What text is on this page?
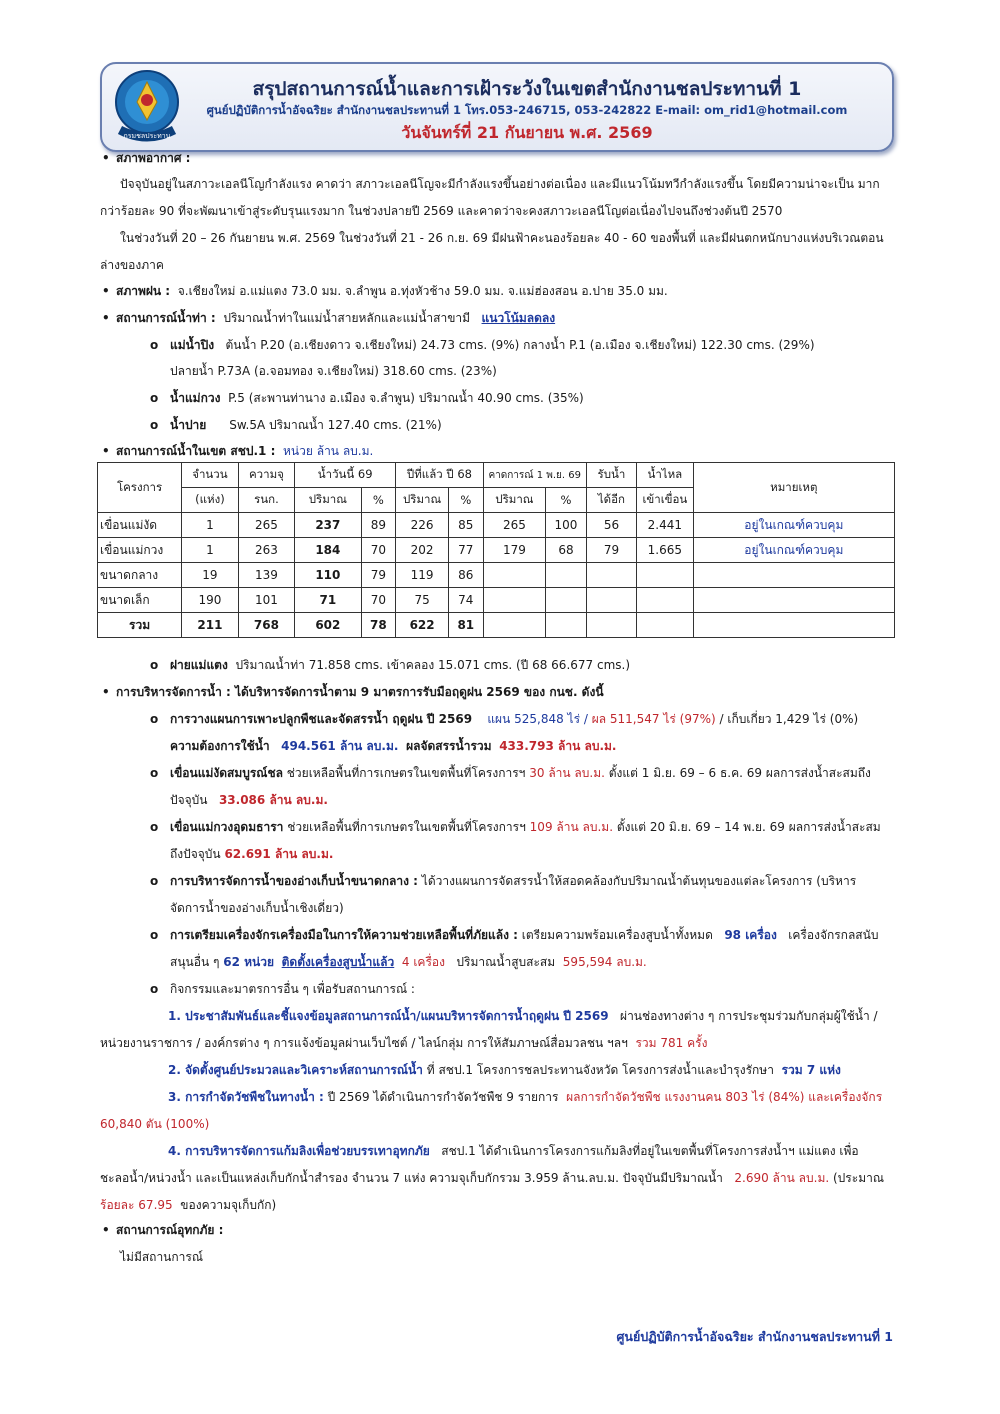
กรมชลประทาน
สรุปสถานการณ์น้ำและการเฝ้าระวังในเขตสำนักงานชลประทานที่ 1
ศูนย์ปฏิบัติการน้ำอัจฉริยะ สำนักงานชลประทานที่ 1 โทร.053-246715, 053-242822 E-mail: om_rid1@hotmail.com
วันจันทร์ที่ 21 กันยายน พ.ศ. 2569
• สภาพอากาศ :
ปัจจุบันอยู่ในสภาวะเอลนีโญกำลังแรง คาดว่า สภาวะเอลนีโญจะมีกำลังแรงขึ้นอย่างต่อเนื่อง และมีแนวโน้มทวีกำลังแรงขึ้น โดยมีความน่าจะเป็น มาก
กว่าร้อยละ 90 ที่จะพัฒนาเข้าสู่ระดับรุนแรงมาก ในช่วงปลายปี 2569 และคาดว่าจะคงสภาวะเอลนีโญต่อเนื่องไปจนถึงช่วงต้นปี 2570
ในช่วงวันที่ 20 – 26 กันยายน พ.ศ. 2569 ในช่วงวันที่ 21 - 26 ก.ย. 69 มีฝนฟ้าคะนองร้อยละ 40 - 60 ของพื้นที่ และมีฝนตกหนักบางแห่งบริเวณตอน
ล่างของภาค
• สภาพฝน : จ.เชียงใหม่ อ.แม่แตง 73.0 มม. จ.ลำพูน อ.ทุ่งหัวช้าง 59.0 มม. จ.แม่ฮ่องสอน อ.ปาย 35.0 มม.
• สถานการณ์น้ำท่า : ปริมาณน้ำท่าในแม่น้ำสายหลักและแม่น้ำสาขามี แนวโน้มลดลง
o แม่น้ำปิง ต้นน้ำ P.20 (อ.เชียงดาว จ.เชียงใหม่) 24.73 cms. (9%) กลางน้ำ P.1 (อ.เมือง จ.เชียงใหม่) 122.30 cms. (29%)
ปลายน้ำ P.73A (อ.จอมทอง จ.เชียงใหม่) 318.60 cms. (23%)
o น้ำแม่กวง P.5 (สะพานท่านาง อ.เมือง จ.ลำพูน) ปริมาณน้ำ 40.90 cms. (35%)
o น้ำปาย Sw.5A ปริมาณน้ำ 127.40 cms. (21%)
• สถานการณ์น้ำในเขต สชป.1 : หน่วย ล้าน ลบ.ม.
โครงการ	จำนวน	ความจุ	น้ำวันนี้ 69		ปีที่แล้ว ปี 68		คาดการณ์ 1 พ.ย. 69		รับน้ำ	น้ำไหล	หมายเหตุ
	(แห่ง)	รนก.	ปริมาณ	%	ปริมาณ	%	ปริมาณ	%	ได้อีก	เข้าเขื่อน	
เขื่อนแม่งัด	1	265	237	89	226	85	265	100	56	2.441	อยู่ในเกณฑ์ควบคุม
เขื่อนแม่กวง	1	263	184	70	202	77	179	68	79	1.665	อยู่ในเกณฑ์ควบคุม
ขนาดกลาง	19	139	110	79	119	86					
ขนาดเล็ก	190	101	71	70	75	74					
รวม	211	768	602	78	622	81					
o ฝายแม่แตง ปริมาณน้ำท่า 71.858 cms. เข้าคลอง 15.071 cms. (ปี 68 66.677 cms.)
• การบริหารจัดการน้ำ : ได้บริหารจัดการน้ำตาม 9 มาตรการรับมือฤดูฝน 2569 ของ กนช. ดังนี้
o การวางแผนการเพาะปลูกพืชและจัดสรรน้ำ ฤดูฝน ปี 2569 แผน 525,848 ไร่ / ผล 511,547 ไร่ (97%) / เก็บเกี่ยว 1,429 ไร่ (0%)
ความต้องการใช้น้ำ 494.561 ล้าน ลบ.ม. ผลจัดสรรน้ำรวม 433.793 ล้าน ลบ.ม.
o เขื่อนแม่งัดสมบูรณ์ชล ช่วยเหลือพื้นที่การเกษตรในเขตพื้นที่โครงการฯ 30 ล้าน ลบ.ม. ตั้งแต่ 1 มิ.ย. 69 – 6 ธ.ค. 69 ผลการส่งน้ำสะสมถึง
ปัจจุบัน 33.086 ล้าน ลบ.ม.
o เขื่อนแม่กวงอุดมธารา ช่วยเหลือพื้นที่การเกษตรในเขตพื้นที่โครงการฯ 109 ล้าน ลบ.ม. ตั้งแต่ 20 มิ.ย. 69 – 14 พ.ย. 69 ผลการส่งน้ำสะสม
ถึงปัจจุบัน 62.691 ล้าน ลบ.ม.
o การบริหารจัดการน้ำของอ่างเก็บน้ำขนาดกลาง : ได้วางแผนการจัดสรรน้ำให้สอดคล้องกับปริมาณน้ำต้นทุนของแต่ละโครงการ (บริหาร
จัดการน้ำของอ่างเก็บน้ำเชิงเดี่ยว)
o การเตรียมเครื่องจักรเครื่องมือในการให้ความช่วยเหลือพื้นที่ภัยแล้ง : เตรียมความพร้อมเครื่องสูบน้ำทั้งหมด 98 เครื่อง เครื่องจักรกลสนับ
สนุนอื่น ๆ 62 หน่วย ติดตั้งเครื่องสูบน้ำแล้ว 4 เครื่อง ปริมาณน้ำสูบสะสม 595,594 ลบ.ม.
o กิจกรรมและมาตรการอื่น ๆ เพื่อรับสถานการณ์ :
1. ประชาสัมพันธ์และชี้แจงข้อมูลสถานการณ์น้ำ/แผนบริหารจัดการน้ำฤดูฝน ปี 2569 ผ่านช่องทางต่าง ๆ การประชุมร่วมกับกลุ่มผู้ใช้น้ำ /
หน่วยงานราชการ / องค์กรต่าง ๆ การแจ้งข้อมูลผ่านเว็บไซต์ / ไลน์กลุ่ม การให้สัมภาษณ์สื่อมวลชน ฯลฯ รวม 781 ครั้ง
2. จัดตั้งศูนย์ประมวลและวิเคราะห์สถานการณ์น้ำ ที่ สชป.1 โครงการชลประทานจังหวัด โครงการส่งน้ำและบำรุงรักษา รวม 7 แห่ง
3. การกำจัดวัชพืชในทางน้ำ : ปี 2569 ได้ดำเนินการกำจัดวัชพืช 9 รายการ ผลการกำจัดวัชพืช แรงงานคน 803 ไร่ (84%) และเครื่องจักร
60,840 ตัน (100%)
4. การบริหารจัดการแก้มลิงเพื่อช่วยบรรเทาอุทกภัย สชป.1 ได้ดำเนินการโครงการแก้มลิงที่อยู่ในเขตพื้นที่โครงการส่งน้ำฯ แม่แตง เพื่อ
ชะลอน้ำ/หน่วงน้ำ และเป็นแหล่งเก็บกักน้ำสำรอง จำนวน 7 แห่ง ความจุเก็บกักรวม 3.959 ล้าน.ลบ.ม. ปัจจุบันมีปริมาณน้ำ 2.690 ล้าน ลบ.ม. (ประมาณ
ร้อยละ 67.95 ของความจุเก็บกัก)
• สถานการณ์อุทกภัย :
ไม่มีสถานการณ์
ศูนย์ปฏิบัติการน้ำอัจฉริยะ สำนักงานชลประทานที่ 1
